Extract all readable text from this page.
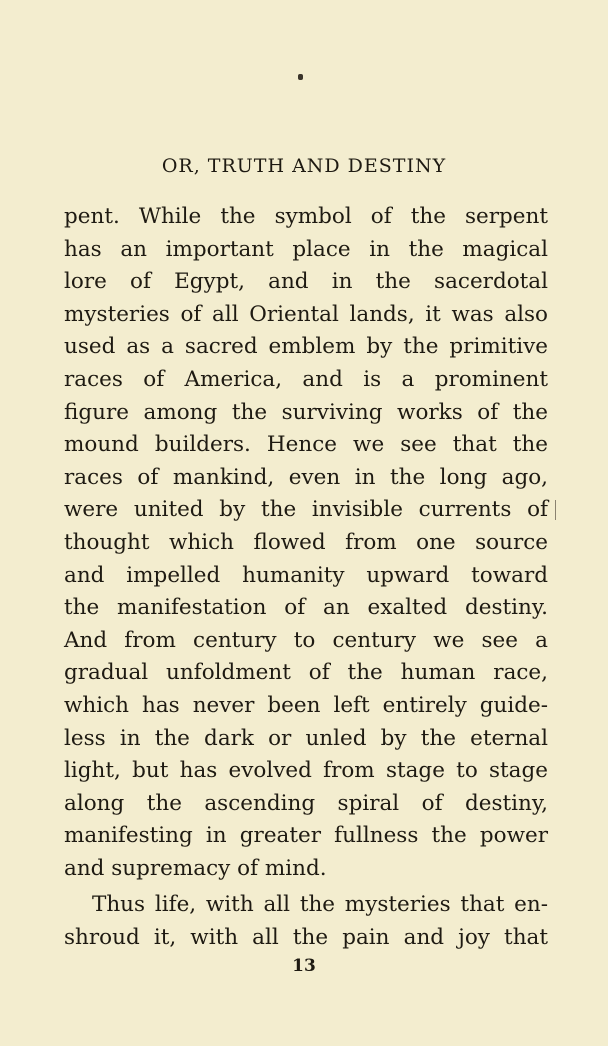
OR, TRUTH AND DESTINY
pent. While the symbol of the serpent
has an important place in the magical
lore of Egypt, and in the sacerdotal
mysteries of all Oriental lands, it was also
used as a sacred emblem by the primitive
races of America, and is a prominent
figure among the surviving works of the
mound builders. Hence we see that the
races of mankind, even in the long ago,
were united by the invisible currents of
thought which flowed from one source
and impelled humanity upward toward
the manifestation of an exalted destiny.
And from century to century we see a
gradual unfoldment of the human race,
which has never been left entirely guide-
less in the dark or unled by the eternal
light, but has evolved from stage to stage
along the ascending spiral of destiny,
manifesting in greater fullness the power
and supremacy of mind.
Thus life, with all the mysteries that en-
shroud it, with all the pain and joy that
13
